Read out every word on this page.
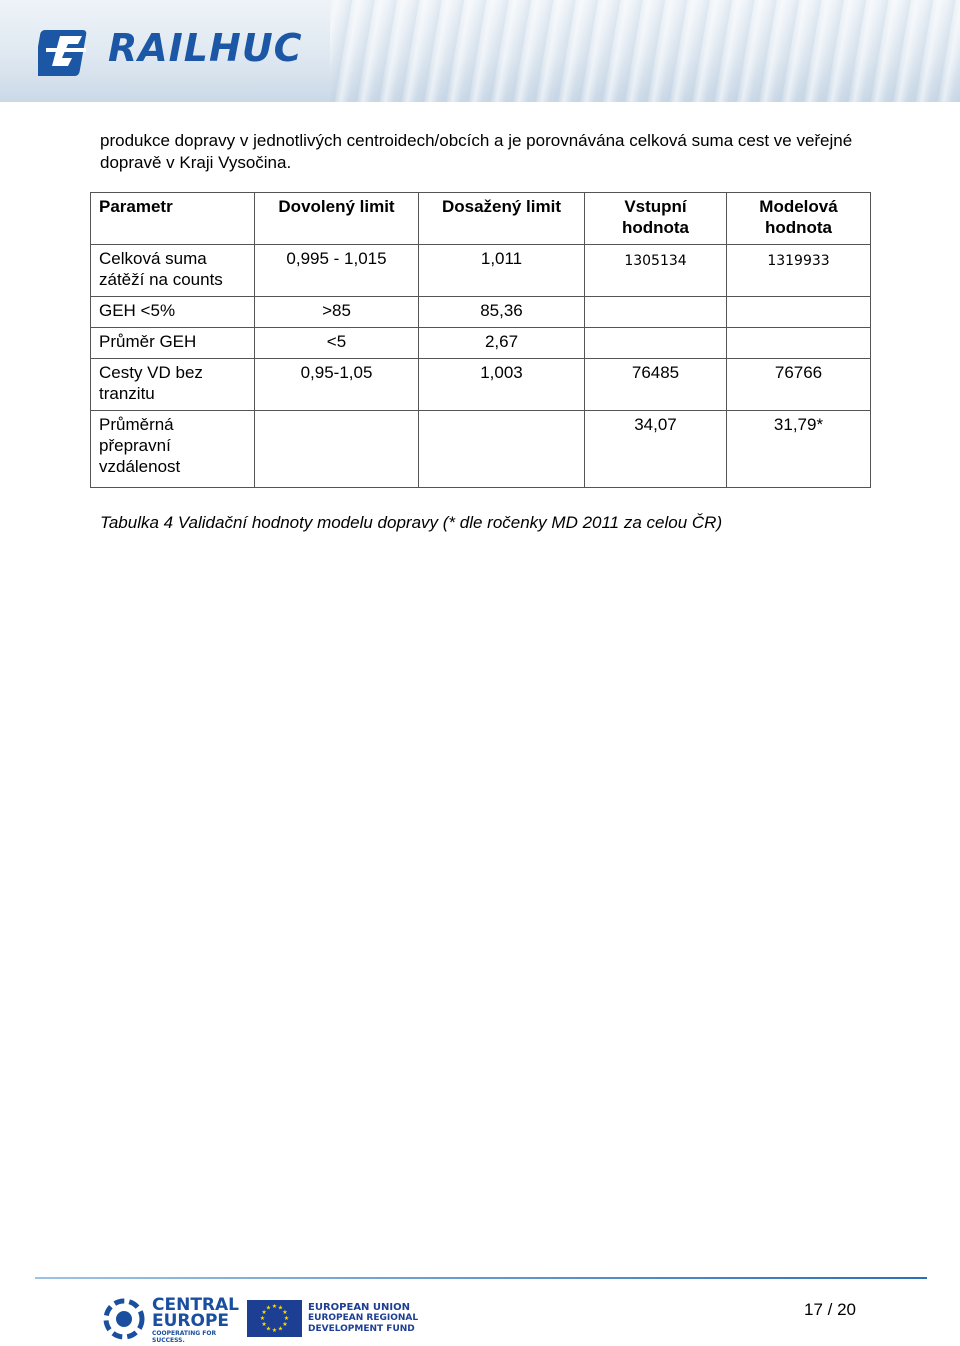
RAILHUC
produkce dopravy v jednotlivých centroidech/obcích a je porovnávána celková suma cest ve veřejné dopravě v Kraji Vysočina.
Parametr	Dovolený limit	Dosažený limit	Vstupní hodnota	Modelová hodnota
Celková suma zátěží na counts	0,995 - 1,015	1,011	1305134	1319933
GEH <5%	>85	85,36		
Průměr GEH	<5	2,67		
Cesty VD bez tranzitu	0,95-1,05	1,003	76485	76766
Průměrná přepravní vzdálenost			34,07	31,79*
Tabulka 4 Validační hodnoty modelu dopravy (* dle ročenky MD 2011 za celou ČR)
CENTRAL
EUROPE
COOPERATING FOR SUCCESS.
★ ★
★
★
★
★
★
★
★
★
★
★	EUROPEAN UNION
EUROPEAN REGIONAL
DEVELOPMENT FUND
17 / 20
